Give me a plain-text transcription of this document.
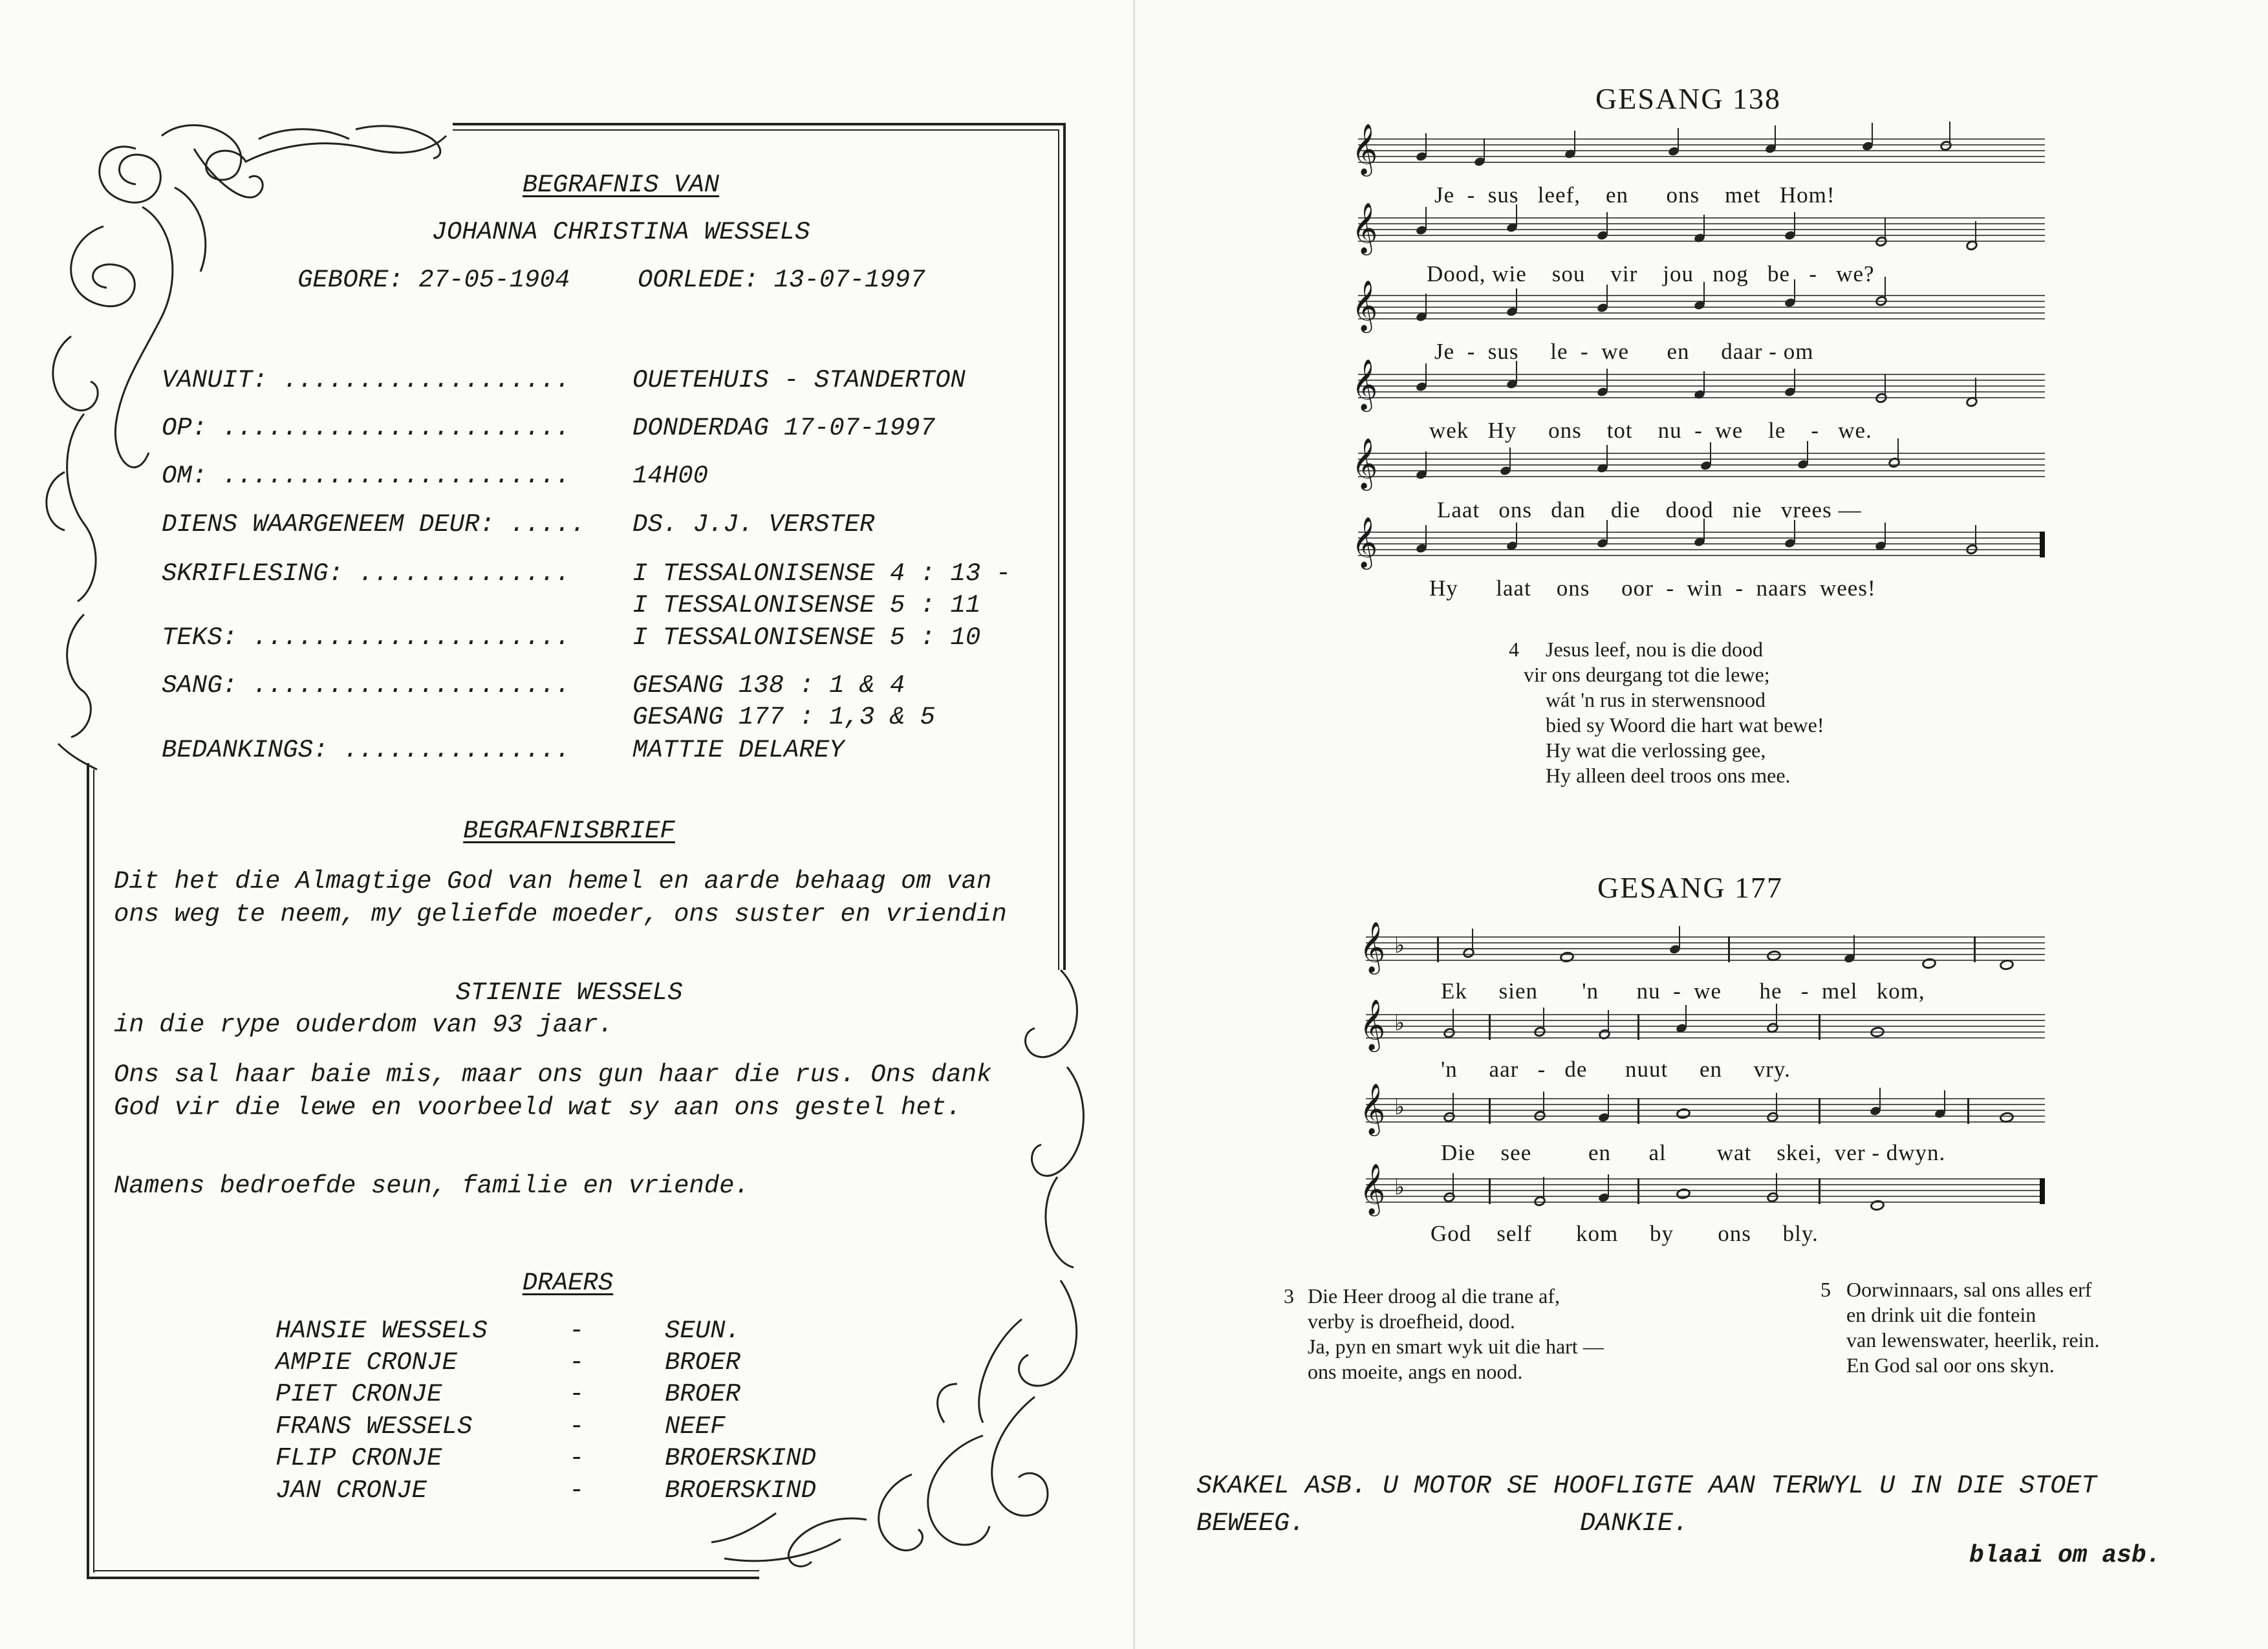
BEGRAFNIS VAN
JOHANNA CHRISTINA WESSELS
GEBORE: 27-05-1904	OORLEDE: 13-07-1997
VANUIT: ................... OUETEHUIS - STANDERTON
OP: ....................... DONDERDAG 17-07-1997
OM: ....................... 14H00
DIENS WAARGENEEM DEUR: ..... DS. J.J. VERSTER
SKRIFLESING: .............. I TESSALONISENSE 4 : 13 -
I TESSALONISENSE 5 : 11
TEKS: ..................... I TESSALONISENSE 5 : 10
SANG: ..................... GESANG 138 : 1 & 4
GESANG 177 : 1,3 & 5
BEDANKINGS: ............... MATTIE DELAREY
BEGRAFNISBRIEF
Dit het die Almagtige God van hemel en aarde behaag om van ons weg te neem, my geliefde moeder, ons suster en vriendin
STIENIE WESSELS
in die rype ouderdom van 93 jaar.
Ons sal haar baie mis, maar ons gun haar die rus. Ons dank God vir die lewe en voorbeeld wat sy aan ons gestel het.
Namens bedroefde seun, familie en vriende.
DRAERS
HANSIE WESSELS	-	SEUN.
AMPIE CRONJE	-	BROER
PIET CRONJE	-	BROER
FRANS WESSELS	-	NEEF
FLIP CRONJE	-	BROERSKIND
JAN CRONJE	-	BROERSKIND
GESANG 138
𝄞
𝄞
𝄞
𝄞
𝄞
𝄞
𝄞 ♭
𝄞 ♭
𝄞 ♭
𝄞 ♭
Je  -  sus   leef,    en      ons    met   Hom!
Dood, wie    sou    vir    jou   nog   be   -   we?
Je  -  sus     le  -  we      en     daar - om
wek   Hy     ons    tot    nu  -  we    le    -   we.
Laat   ons   dan    die    dood   nie   vrees —
Hy      laat    ons     oor  -  win  -  naars  wees!
4 Jesus leef, nou is die dood
vir ons deurgang tot die lewe;
wát 'n rus in sterwensnood
bied sy Woord die hart wat bewe!
Hy wat die verlossing gee,
Hy alleen deel troos ons mee.
GESANG 177
Ek     sien       'n      nu  -  we      he   -  mel   kom,
'n     aar   -   de      nuut     en     vry.
Die    see         en      al        wat    skei,  ver - dwyn.
God    self       kom     by       ons     bly.
3 Die Heer droog al die trane af,
verby is droefheid, dood.
Ja, pyn en smart wyk uit die hart —
ons moeite, angs en nood.
5 Oorwinnaars, sal ons alles erf
en drink uit die fontein
van lewenswater, heerlik, rein.
En God sal oor ons skyn.
SKAKEL ASB. U MOTOR SE HOOFLIGTE AAN TERWYL U IN DIE STOET
BEWEEG.	DANKIE.
blaai om asb.
